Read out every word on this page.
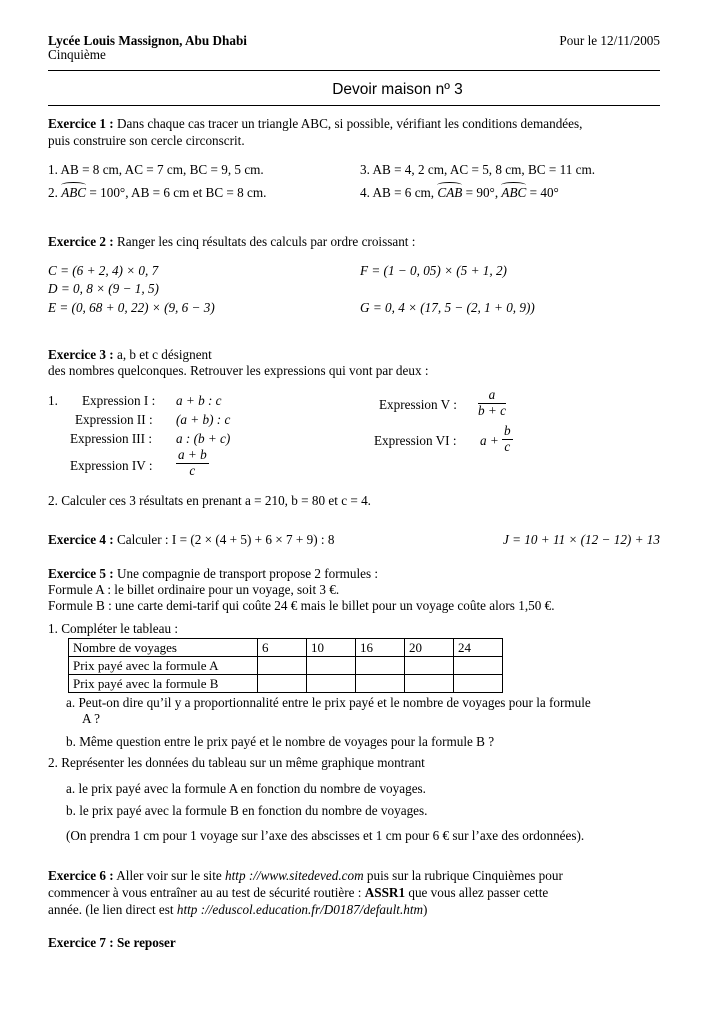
Lycée Louis Massignon, Abu Dhabi
Cinquième
Pour le 12/11/2005
Devoir maison nº 3
Exercice 1 : Dans chaque cas tracer un triangle ABC, si possible, vérifiant les conditions demandées,
puis construire son cercle circonscrit.
1. AB = 8 cm, AC = 7 cm, BC = 9, 5 cm.	3. AB = 4, 2 cm, AC = 5, 8 cm, BC = 11 cm.
2. ABC = 100°, AB = 6 cm et BC = 8 cm.	4. AB = 6 cm, CAB = 90°, ABC = 40°
Exercice 2 : Ranger les cinq résultats des calculs par ordre croissant :
C = (6 + 2, 4) × 0, 7
D = 0, 8 × (9 − 1, 5)
E = (0, 68 + 0, 22) × (9, 6 − 3)
F = (1 − 0, 05) × (5 + 1, 2)
G = 0, 4 × (17, 5 − (2, 1 + 0, 9))
Exercice 3 : a, b et c désignent
des nombres quelconques. Retrouver les expressions qui vont par deux :
1. Expression I : a + b : c
Expression II : (a + b) : c
Expression III : a : (b + c)
Expression IV : $\frac{a + b}{c}$
Expression V : $\frac{a}{b + c}$
Expression VI : $a + \frac{b}{c}$
2. Calculer ces 3 résultats en prenant a = 210, b = 80 et c = 4.
Exercice 4 : Calculer : I = (2 × (4 + 5) + 6 × 7 + 9) : 8	J = 10 + 11 × (12 − 12) + 13
Exercice 5 : Une compagnie de transport propose 2 formules :
Formule A : le billet ordinaire pour un voyage, soit 3 €.
Formule B : une carte demi-tarif qui coûte 24 € mais le billet pour un voyage coûte alors 1,50 €.
1. Compléter le tableau :
Nombre de voyages	6	10	16	20	24
Prix payé avec la formule A					
Prix payé avec la formule B					
a. Peut-on dire qu’il y a proportionnalité entre le prix payé et le nombre de voyages pour la formule
A ?
b. Même question entre le prix payé et le nombre de voyages pour la formule B ?
2. Représenter les données du tableau sur un même graphique montrant
a. le prix payé avec la formule A en fonction du nombre de voyages.
b. le prix payé avec la formule B en fonction du nombre de voyages.
(On prendra 1 cm pour 1 voyage sur l’axe des abscisses et 1 cm pour 6 € sur l’axe des ordonnées).
Exercice 6 : Aller voir sur le site http ://www.sitedeved.com puis sur la rubrique Cinquièmes pour
commencer à vous entraîner au au test de sécurité routière : ASSR1 que vous allez passer cette
année. (le lien direct est http ://eduscol.education.fr/D0187/default.htm)
Exercice 7 : Se reposer
